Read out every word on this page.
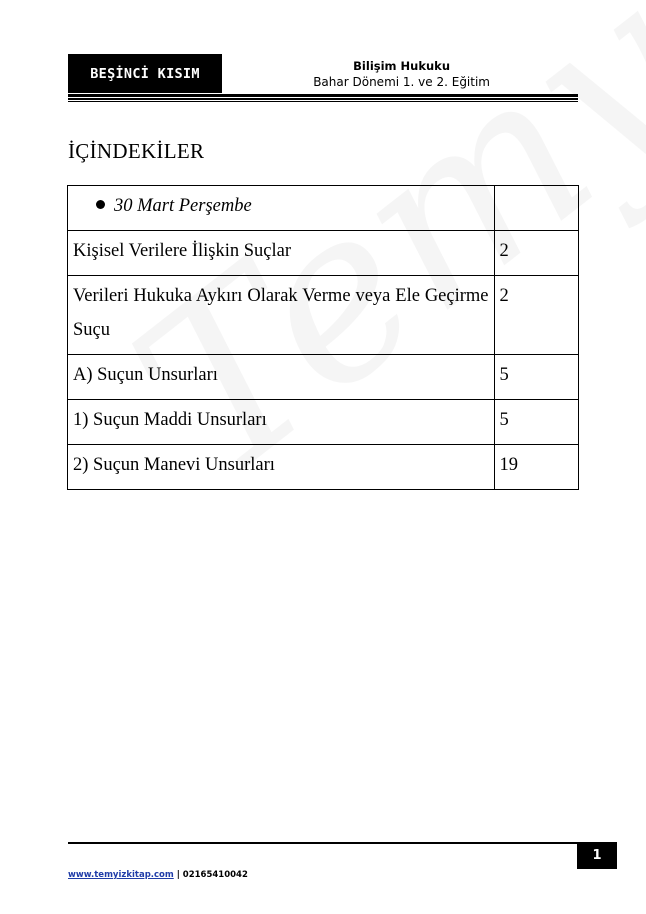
BEŞİNCİ KISIM	Bilişim Hukuku
Bahar Dönemi 1. ve 2. Eğitim
İÇİNDEKİLER
30 Mart Perşembe	
Kişisel Verilere İlişkin Suçlar	2
Verileri Hukuka Aykırı Olarak Verme veya Ele Geçirme Suçu	2
A) Suçun Unsurları	5
1) Suçun Maddi Unsurları	5
2) Suçun Manevi Unsurları	19
1
www.temyizkitap.com | 02165410042
